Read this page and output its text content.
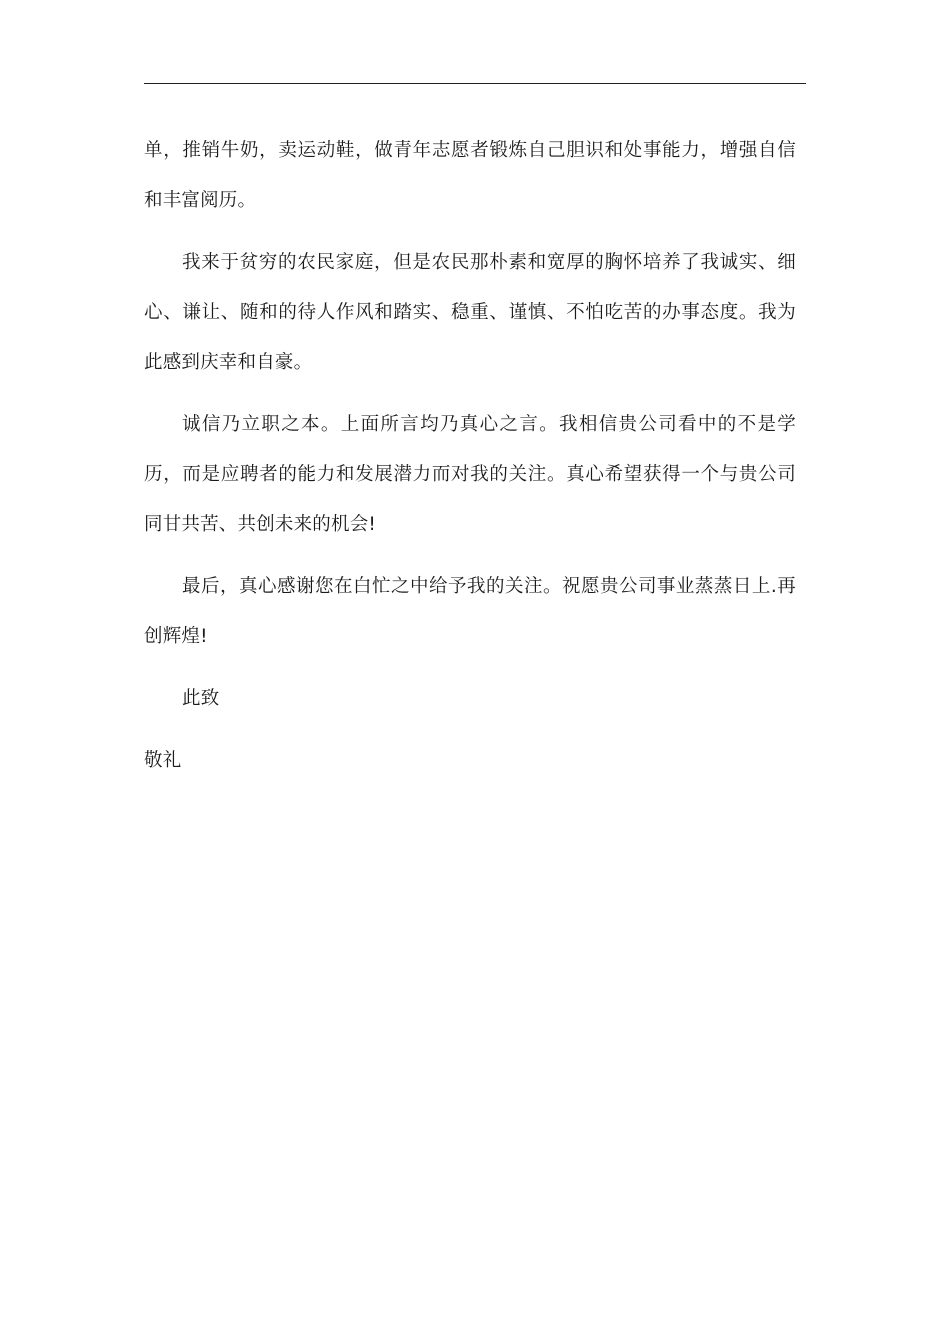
单，推销牛奶，卖运动鞋，做青年志愿者锻炼自己胆识和处事能力，增强自信和丰富阅历。

我来于贫穷的农民家庭，但是农民那朴素和宽厚的胸怀培养了我诚实、细心、谦让、随和的待人作风和踏实、稳重、谨慎、不怕吃苦的办事态度。我为此感到庆幸和自豪。

诚信乃立职之本。上面所言均乃真心之言。我相信贵公司看中的不是学历，而是应聘者的能力和发展潜力而对我的关注。真心希望获得一个与贵公司同甘共苦、共创未来的机会!

最后，真心感谢您在白忙之中给予我的关注。祝愿贵公司事业蒸蒸日上.再创辉煌!

此致

敬礼
